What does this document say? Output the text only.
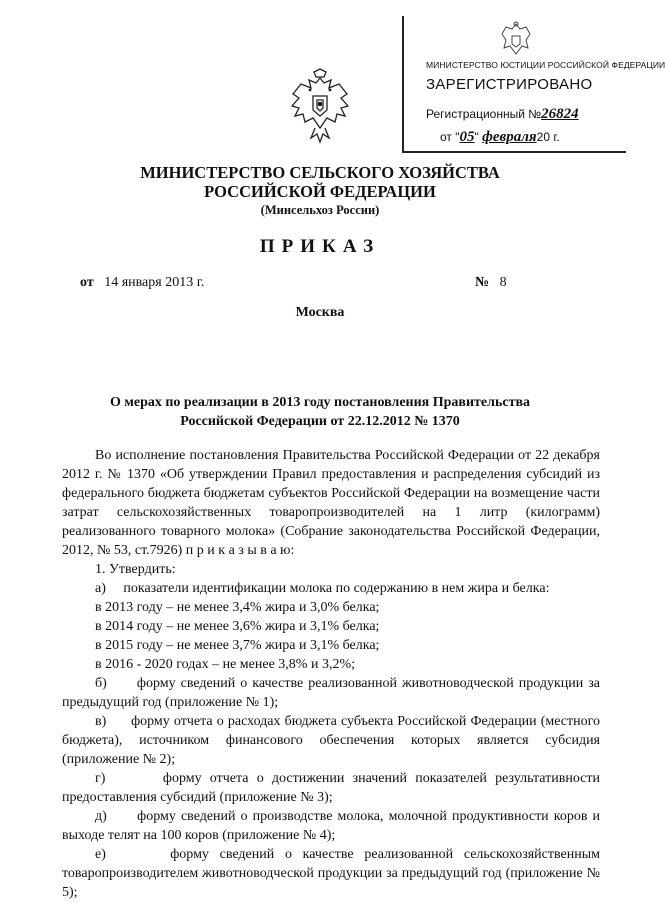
МИНИСТЕРСТВО ЮСТИЦИИ РОССИЙСКОЙ ФЕДЕРАЦИИ
ЗАРЕГИСТРИРОВАНО
Регистрационный №26824
от "05" февраля20 г.
МИНИСТЕРСТВО СЕЛЬСКОГО ХОЗЯЙСТВА
РОССИЙСКОЙ ФЕДЕРАЦИИ
(Минсельхоз России)
ПРИКАЗ
от 14 января 2013 г.	№ 8
Москва
О мерах по реализации в 2013 году постановления Правительства
Российской Федерации от 22.12.2012 № 1370

Во исполнение постановления Правительства Российской Федерации от 22 декабря 2012 г. № 1370 «Об утверждении Правил предоставления и распределения субсидий из федерального бюджета бюджетам субъектов Российской Федерации на возмещение части затрат сельскохозяйственных товаропроизводителей на 1 литр (килограмм) реализованного товарного молока» (Собрание законодательства Российской Федерации, 2012, № 53, ст.7926) п р и к а з ы в а ю:

1. Утвердить:

а)     показатели идентификации молока по содержанию в нем жира и белка:

в 2013 году – не менее 3,4% жира и 3,0% белка;

в 2014 году – не менее 3,6% жира и 3,1% белка;

в 2015 году – не менее 3,7% жира и 3,1% белка;

в 2016 - 2020 годах – не менее 3,8% и 3,2%;

б)      форму сведений о качестве реализованной животноводческой продукции за предыдущий год (приложение № 1);

в)      форму отчета о расходах бюджета субъекта Российской Федерации (местного бюджета), источником финансового обеспечения которых является субсидия (приложение № 2);

г)       форму отчета о достижении значений показателей результативности предоставления субсидий (приложение № 3);

д)      форму сведений о производстве молока, молочной продуктивности коров и выходе телят на 100 коров (приложение № 4);

е)      форму сведений о качестве реализованной сельскохозяйственным товаропроизводителем животноводческой продукции за предыдущий год (приложение № 5);
